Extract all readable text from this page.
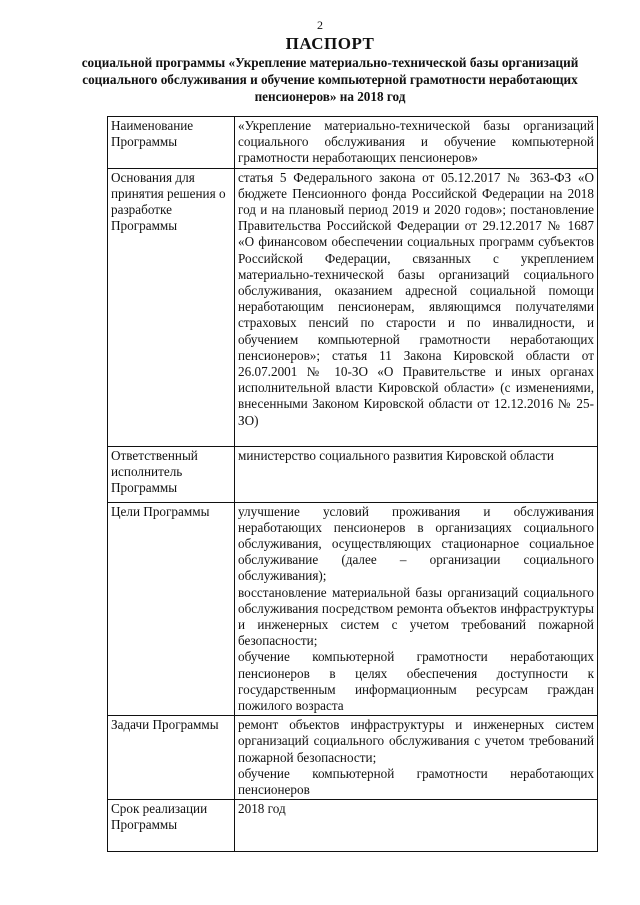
2
ПАСПОРТ
социальной программы «Укрепление материально-технической базы организаций социального обслуживания и обучение компьютерной грамотности неработающих пенсионеров» на 2018 год
Наименование Программы	«Укрепление материально-технической базы организаций социального обслуживания и обучение компьютерной грамотности неработающих пенсионеров»

Основания для принятия решения о разработке Программы	статья 5 Федерального закона от 05.12.2017 № 363-ФЗ «О бюджете Пенсионного фонда Российской Федерации на 2018 год и на плановый период 2019 и 2020 годов»; постановление Правительства Российской Федерации от 29.12.2017 № 1687 «О финансовом обеспечении социальных программ субъектов Российской Федерации, связанных с укреплением материально-технической базы организаций социального обслуживания, оказанием адресной социальной помощи неработающим пенсионерам, являющимся получателями страховых пенсий по старости и по инвалидности, и обучением компьютерной грамотности неработающих пенсионеров»; статья 11 Закона Кировской области от 26.07.2001 № 10-ЗО «О Правительстве и иных органах исполнительной власти Кировской области» (с изменениями, внесенными Законом Кировской области от 12.12.2016 № 25-ЗО)

Ответственный исполнитель Программы	министерство социального развития Кировской области

Цели Программы	улучшение условий проживания и обслуживания неработающих пенсионеров в организациях социального обслуживания, осуществляющих стационарное социальное обслуживание (далее – организации социального обслуживания);
восстановление материальной базы организаций социального обслуживания посредством ремонта объектов инфраструктуры и инженерных систем с учетом требований пожарной безопасности;
обучение компьютерной грамотности неработающих пенсионеров в целях обеспечения доступности к государственным информационным ресурсам граждан пожилого возраста

Задачи Программы	ремонт объектов инфраструктуры и инженерных систем организаций социального обслуживания с учетом требований пожарной безопасности;
обучение компьютерной грамотности неработающих пенсионеров

Срок реализации Программы	2018 год
